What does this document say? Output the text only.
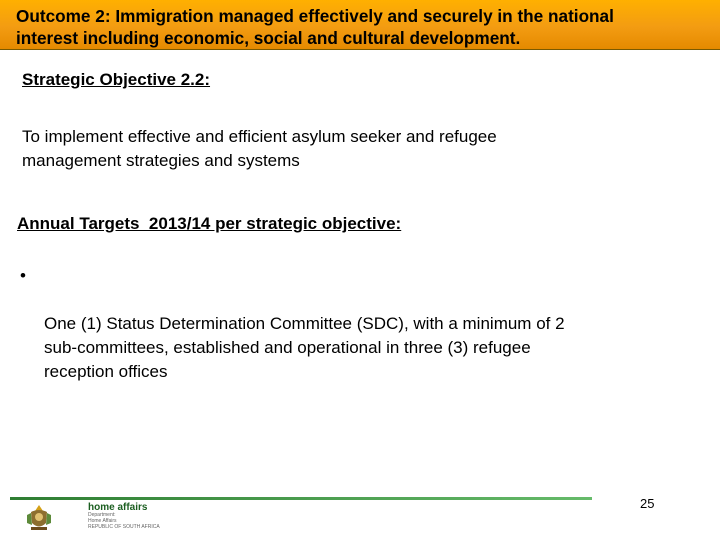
Outcome 2: Immigration managed effectively and securely in the national
interest including economic, social and cultural development.
Strategic Objective 2.2:
To implement effective and efficient asylum seeker and refugee
management strategies and systems
Annual Targets  2013/14 per strategic objective:

•

One (1) Status Determination Committee (SDC), with a minimum of 2
sub-committees, established and operational in three (3) refugee
reception offices

home affairs
Department:
Home Affairs
REPUBLIC OF SOUTH AFRICA
25
